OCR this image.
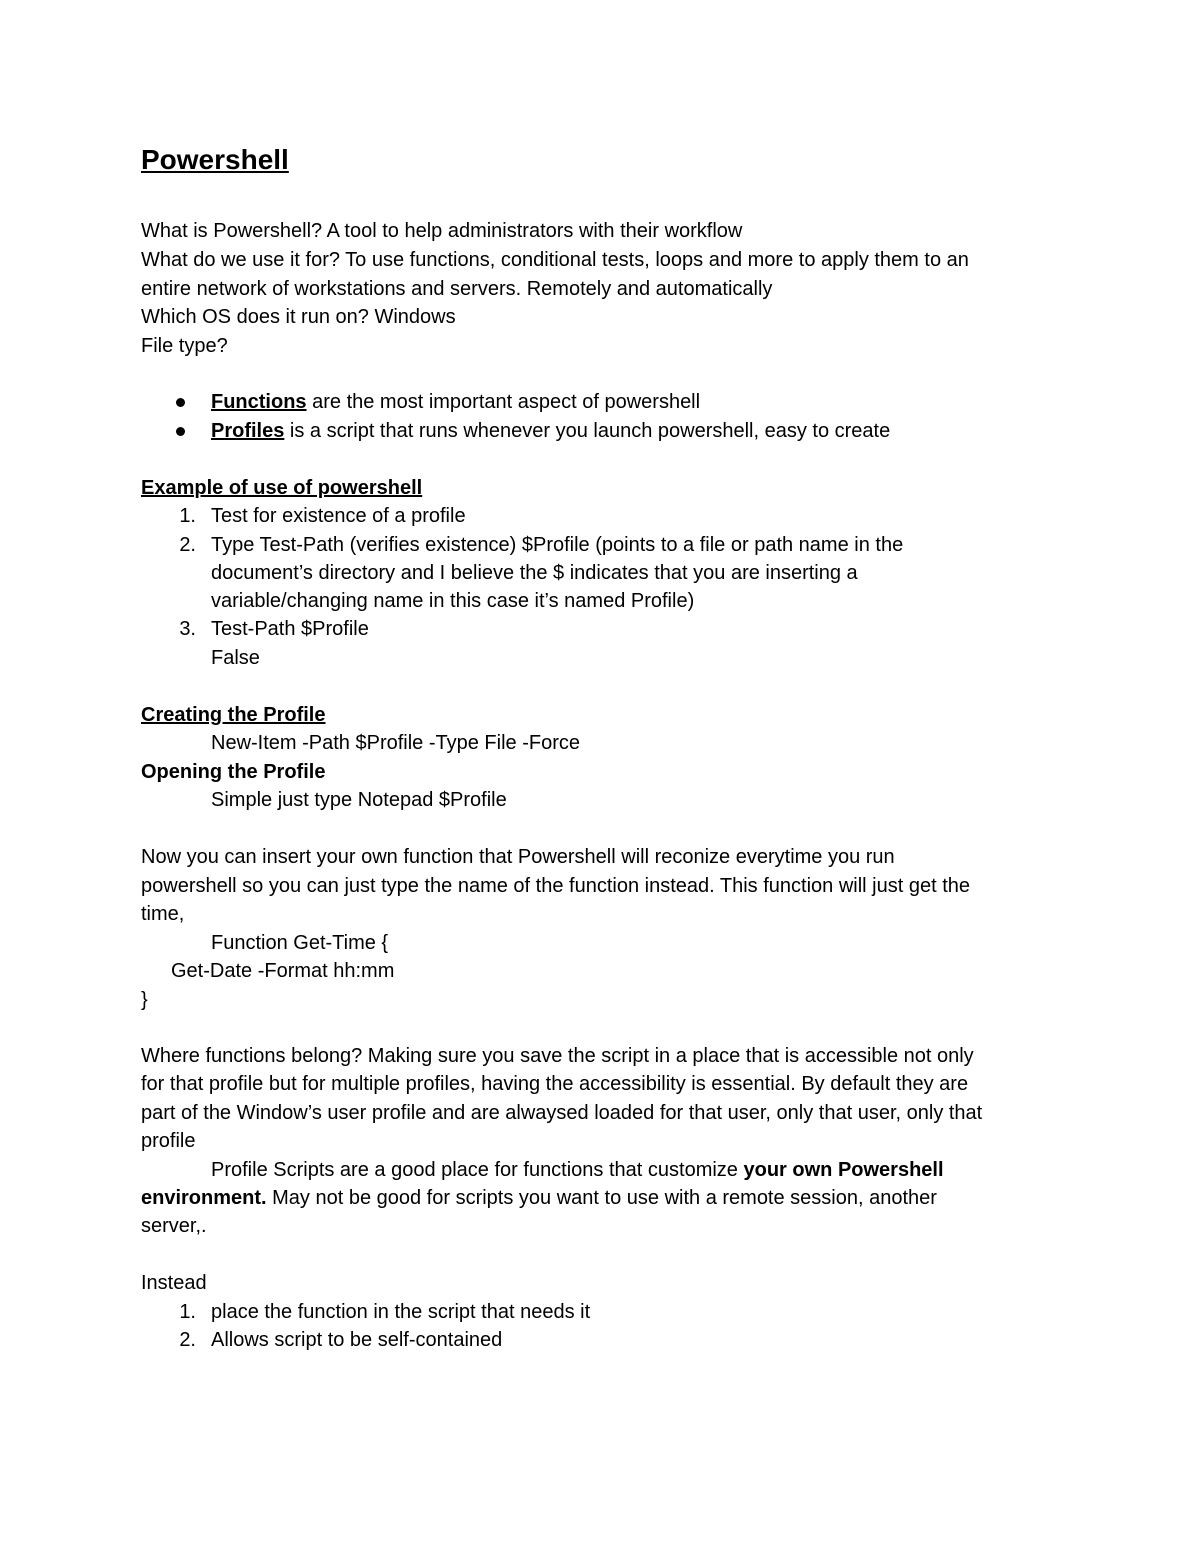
Powershell
What is Powershell? A tool to help administrators with their workflow
What do we use it for? To use functions, conditional tests, loops and more to apply them to an
entire network of workstations and servers. Remotely and automatically
Which OS does it run on? Windows
File type?
Functions are the most important aspect of powershell
Profiles is a script that runs whenever you launch powershell, easy to create
Example of use of powershell
1. Test for existence of a profile
2. Type Test-Path (verifies existence) $Profile (points to a file or path name in the
document’s directory and I believe the $ indicates that you are inserting a
variable/changing name in this case it’s named Profile)
3. Test-Path $Profile
False
Creating the Profile
New-Item -Path $Profile -Type File -Force
Opening the Profile
Simple just type Notepad $Profile
Now you can insert your own function that Powershell will reconize everytime you run
powershell so you can just type the name of the function instead. This function will just get the
time,
Function Get-Time {
Get-Date -Format hh:mm
}
Where functions belong? Making sure you save the script in a place that is accessible not only
for that profile but for multiple profiles, having the accessibility is essential. By default they are
part of the Window’s user profile and are alwaysed loaded for that user, only that user, only that
profile
Profile Scripts are a good place for functions that customize your own Powershell
environment. May not be good for scripts you want to use with a remote session, another
server,.
Instead
1. place the function in the script that needs it
2. Allows script to be self-contained
